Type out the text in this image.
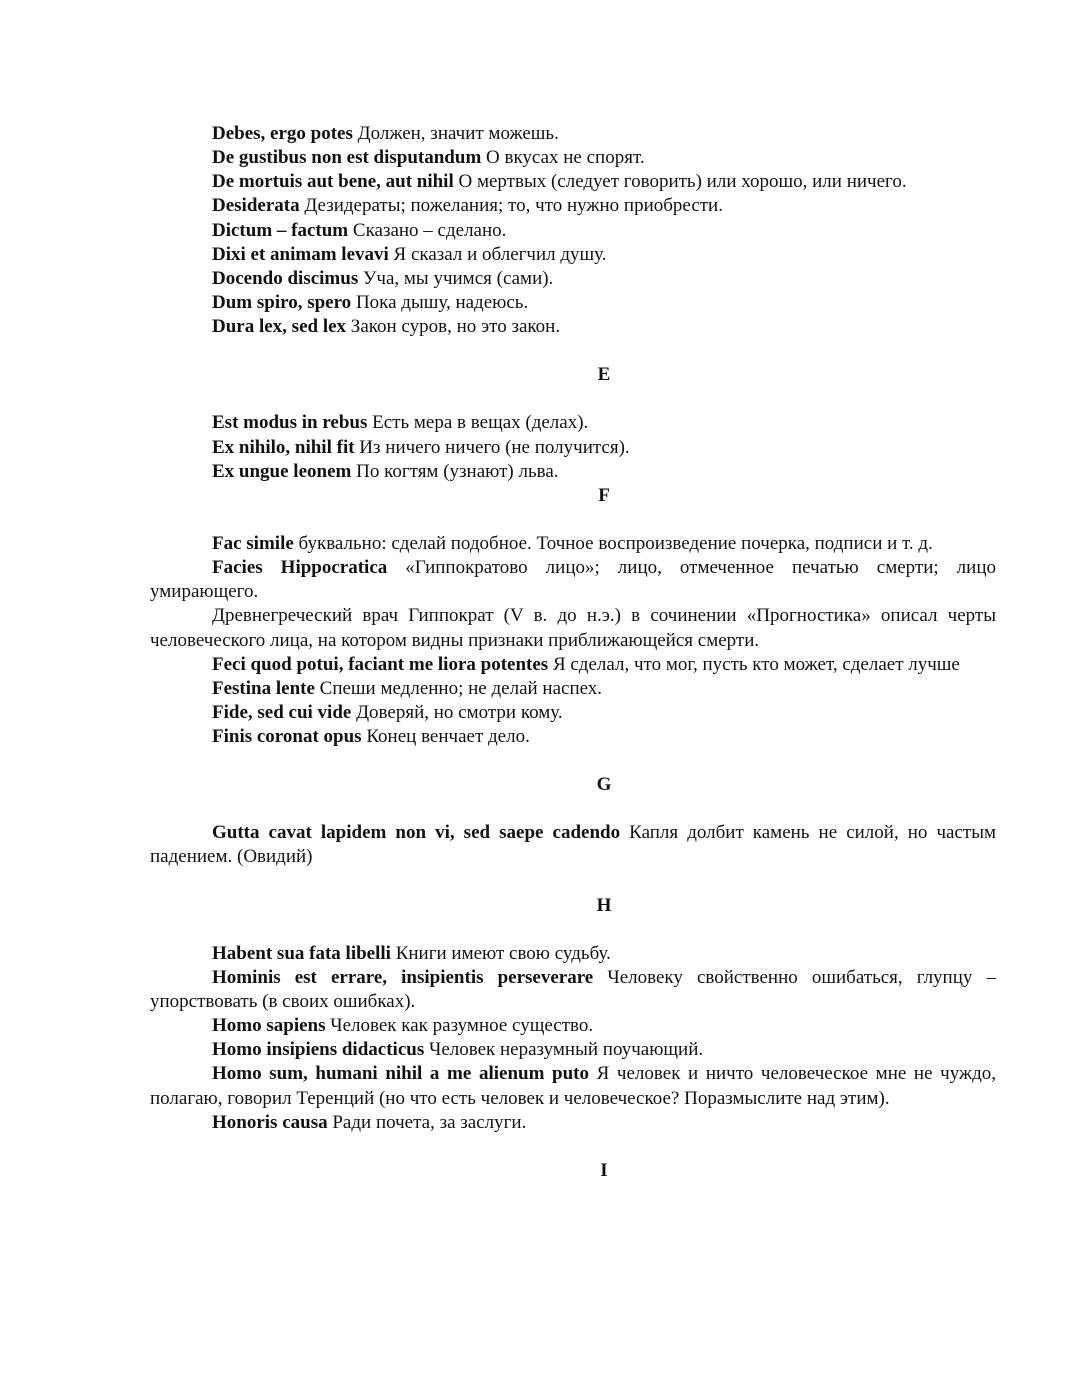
Debes, ergo potes Должен, значит можешь.

De gustibus non est disputandum О вкусах не спорят.

De mortuis aut bene, aut nihil О мертвых (следует говорить) или хорошо, или ничего.

Desiderata Дезидераты; пожелания; то, что нужно приобрести.

Dictum – factum Сказано – сделано.

Dixi et animam levavi Я сказал и облегчил душу.

Docendo discimus Уча, мы учимся (сами).

Dum spiro, spero Пока дышу, надеюсь.

Dura lex, sed lex Закон суров, но это закон.

E

Est modus in rebus Есть мера в вещах (делах).

Ex nihilo, nihil fit Из ничего ничего (не получится).

Ex ungue leonem По когтям (узнают) льва.

F

Fac simile буквально: сделай подобное. Точное воспроизведение почерка, подписи и т. д.

Facies Hippocratica «Гиппократово лицо»; лицо, отмеченное печатью смерти; лицо умирающего.

Древнегреческий врач Гиппократ (V в. до н.э.) в сочинении «Прогностика» описал черты человеческого лица, на котором видны признаки приближающейся смерти.

Feci quod potui, faciant me liora potentes Я сделал, что мог, пусть кто может, сделает лучше

Festina lente Спеши медленно; не делай наспех.

Fide, sed cui vide Доверяй, но смотри кому.

Finis coronat opus Конец венчает дело.

G

Gutta cavat lapidem non vi, sed saepe cadendo Капля долбит камень не силой, но частым падением. (Овидий)

H

Habent sua fata libelli Книги имеют свою судьбу.

Hominis est errare, insipientis perseverare Человеку свойственно ошибаться, глупцу – упорствовать (в своих ошибках).

Homo sapiens Человек как разумное существо.

Homo insipiens didacticus Человек неразумный поучающий.

Homo sum, humani nihil a me alienum puto Я человек и ничто человеческое мне не чуждо, полагаю, говорил Теренций (но что есть человек и человеческое? Поразмыслите над этим).

Honoris causa Ради почета, за заслуги.

I
